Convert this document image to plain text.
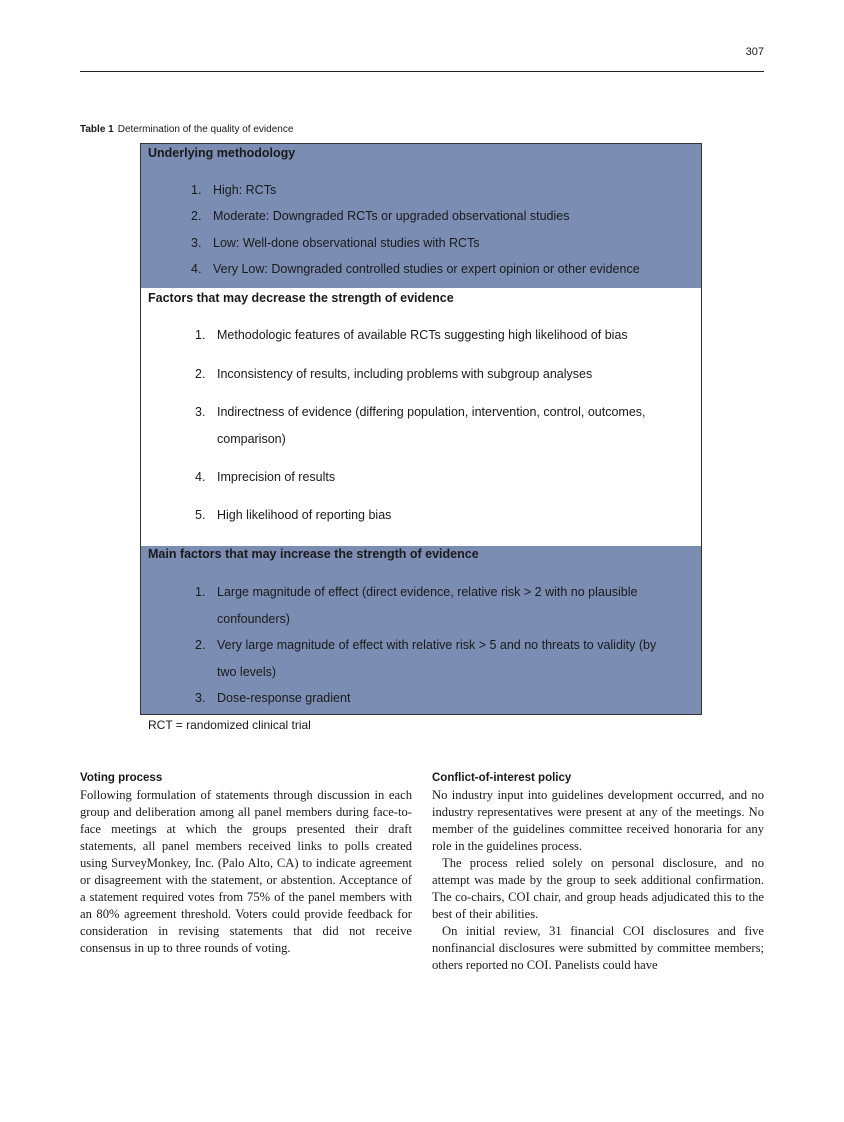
307
Table 1 Determination of the quality of evidence
Underlying methodology
1. High: RCTs
2. Moderate: Downgraded RCTs or upgraded observational studies
3. Low: Well-done observational studies with RCTs
4. Very Low: Downgraded controlled studies or expert opinion or other evidence
Factors that may decrease the strength of evidence
1. Methodologic features of available RCTs suggesting high likelihood of bias
2. Inconsistency of results, including problems with subgroup analyses
3. Indirectness of evidence (differing population, intervention, control, outcomes,
comparison)
4. Imprecision of results
5. High likelihood of reporting bias
Main factors that may increase the strength of evidence
1. Large magnitude of effect (direct evidence, relative risk > 2 with no plausible
confounders)
2. Very large magnitude of effect with relative risk > 5 and no threats to validity (by
two levels)
3. Dose-response gradient
RCT = randomized clinical trial
Voting process

Following formulation of statements through discussion in each group and deliberation among all panel members during face-to-face meetings at which the groups presented their draft statements, all panel members received links to polls created using SurveyMonkey, Inc. (Palo Alto, CA) to indicate agreement or disagreement with the statement, or abstention. Acceptance of a statement required votes from 75% of the panel members with an 80% agreement threshold. Voters could provide feedback for consideration in revising statements that did not receive consensus in up to three rounds of voting.

Conflict-of-interest policy

No industry input into guidelines development occurred, and no industry representatives were present at any of the meetings. No member of the guidelines committee received honoraria for any role in the guidelines process.

The process relied solely on personal disclosure, and no attempt was made by the group to seek additional confirmation. The co-chairs, COI chair, and group heads adjudicated this to the best of their abilities.

On initial review, 31 financial COI disclosures and five nonfinancial disclosures were submitted by committee members; others reported no COI. Panelists could have
